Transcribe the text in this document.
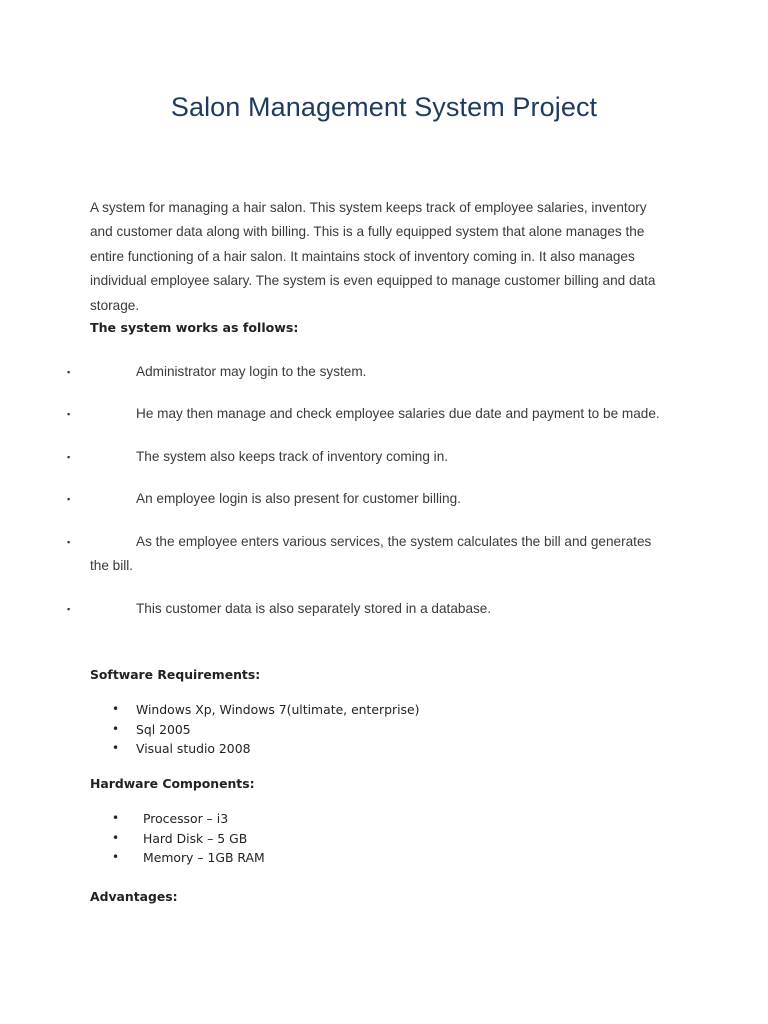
Salon Management System Project

A system for managing a hair salon. This system keeps track of employee salaries, inventory and customer data along with billing. This is a fully equipped system that alone manages the entire functioning of a hair salon. It maintains stock of inventory coming in. It also manages individual employee salary. The system is even equipped to manage customer billing and data storage.

The system works as follows:

▪	Administrator may login to the system.
▪	He may then manage and check employee salaries due date and payment to be made.
▪	The system also keeps track of inventory coming in.
▪	An employee login is also present for customer billing.
▪	As the employee enters various services, the system calculates the bill and generates the bill.
▪	This customer data is also separately stored in a database.

Software Requirements:

• Windows Xp, Windows 7(ultimate, enterprise)
• Sql 2005
• Visual studio 2008

Hardware Components:

• Processor – i3
• Hard Disk – 5 GB
• Memory – 1GB RAM

Advantages:
